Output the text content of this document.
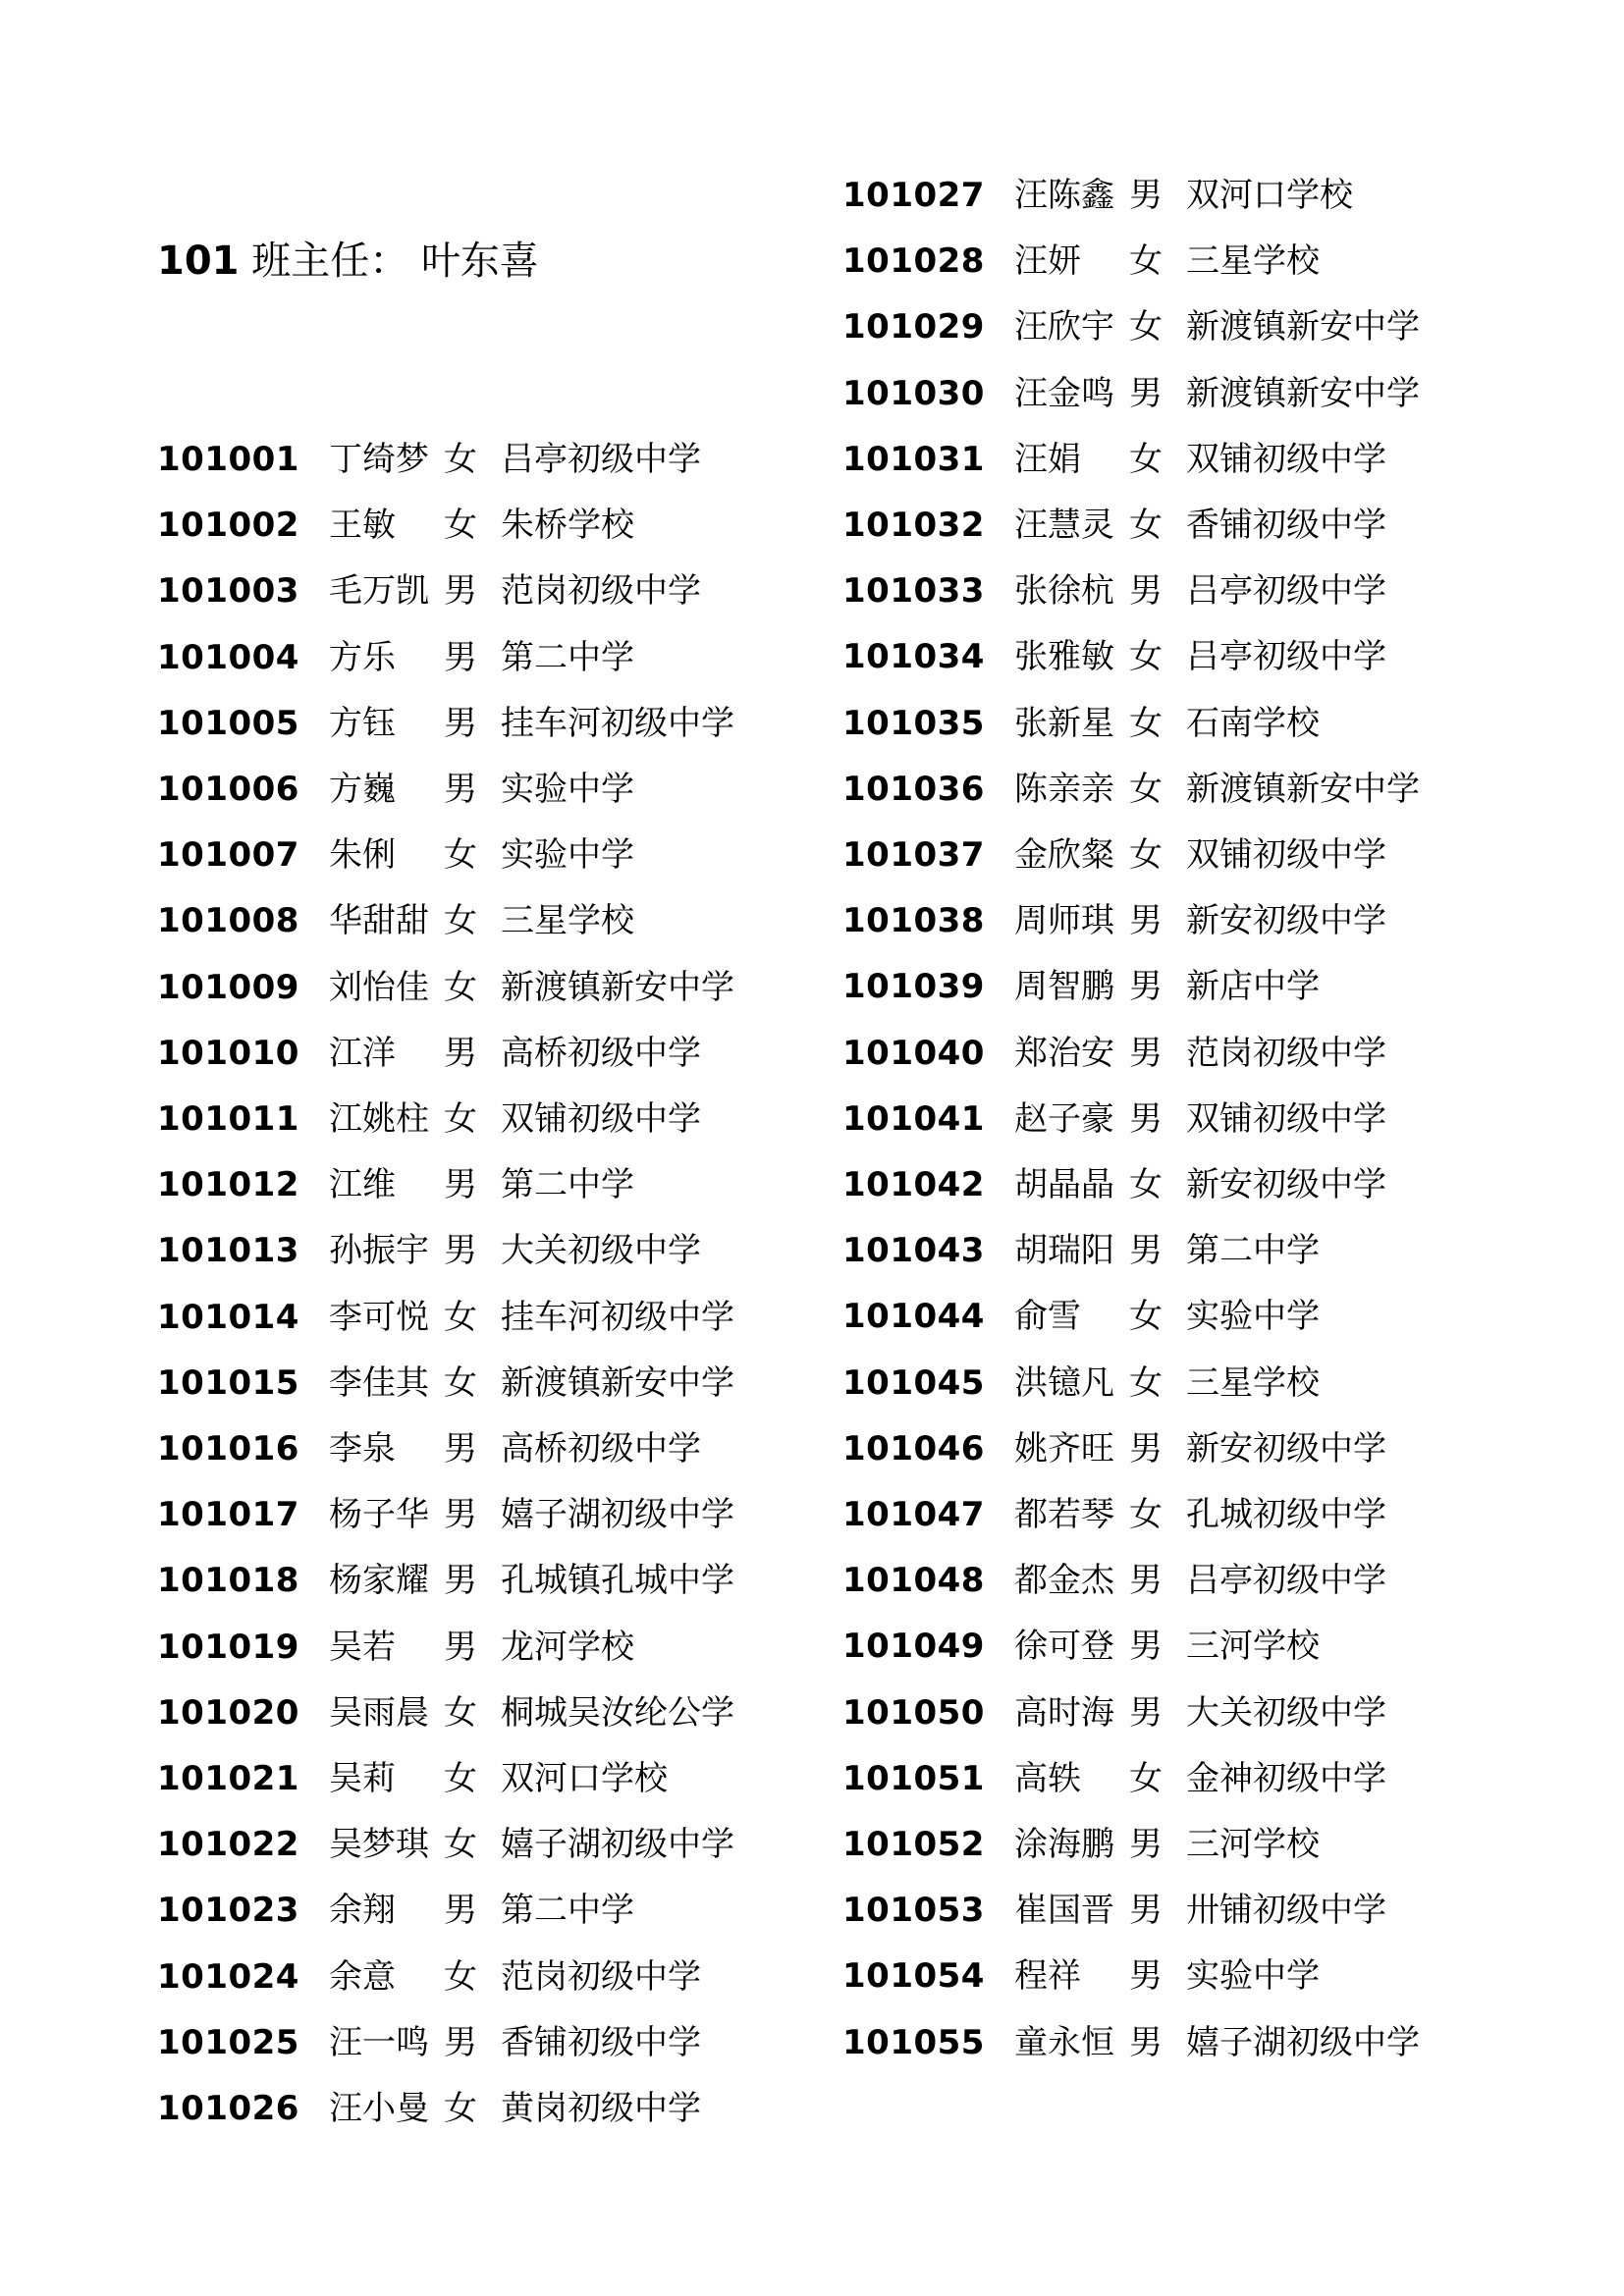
101 班主任： 叶东喜
101001 丁绮梦 女 吕亭初级中学
101002 王敏 女 朱桥学校
101003 毛万凯 男 范岗初级中学
101004 方乐 男 第二中学
101005 方钰 男 挂车河初级中学
101006 方巍 男 实验中学
101007 朱俐 女 实验中学
101008 华甜甜 女 三星学校
101009 刘怡佳 女 新渡镇新安中学
101010 江洋 男 高桥初级中学
101011 江姚柱 女 双铺初级中学
101012 江维 男 第二中学
101013 孙振宇 男 大关初级中学
101014 李可悦 女 挂车河初级中学
101015 李佳其 女 新渡镇新安中学
101016 李泉 男 高桥初级中学
101017 杨子华 男 嬉子湖初级中学
101018 杨家耀 男 孔城镇孔城中学
101019 吴若 男 龙河学校
101020 吴雨晨 女 桐城吴汝纶公学
101021 吴莉 女 双河口学校
101022 吴梦琪 女 嬉子湖初级中学
101023 余翔 男 第二中学
101024 余意 女 范岗初级中学
101025 汪一鸣 男 香铺初级中学
101026 汪小曼 女 黄岗初级中学
101027 汪陈鑫 男 双河口学校
101028 汪妍 女 三星学校
101029 汪欣宇 女 新渡镇新安中学
101030 汪金鸣 男 新渡镇新安中学
101031 汪娟 女 双铺初级中学
101032 汪慧灵 女 香铺初级中学
101033 张徐杭 男 吕亭初级中学
101034 张雅敏 女 吕亭初级中学
101035 张新星 女 石南学校
101036 陈亲亲 女 新渡镇新安中学
101037 金欣粲 女 双铺初级中学
101038 周师琪 男 新安初级中学
101039 周智鹏 男 新店中学
101040 郑治安 男 范岗初级中学
101041 赵子豪 男 双铺初级中学
101042 胡晶晶 女 新安初级中学
101043 胡瑞阳 男 第二中学
101044 俞雪 女 实验中学
101045 洪镱凡 女 三星学校
101046 姚齐旺 男 新安初级中学
101047 都若琴 女 孔城初级中学
101048 都金杰 男 吕亭初级中学
101049 徐可登 男 三河学校
101050 高时海 男 大关初级中学
101051 高轶 女 金神初级中学
101052 涂海鹏 男 三河学校
101053 崔国晋 男 卅铺初级中学
101054 程祥 男 实验中学
101055 童永恒 男 嬉子湖初级中学
